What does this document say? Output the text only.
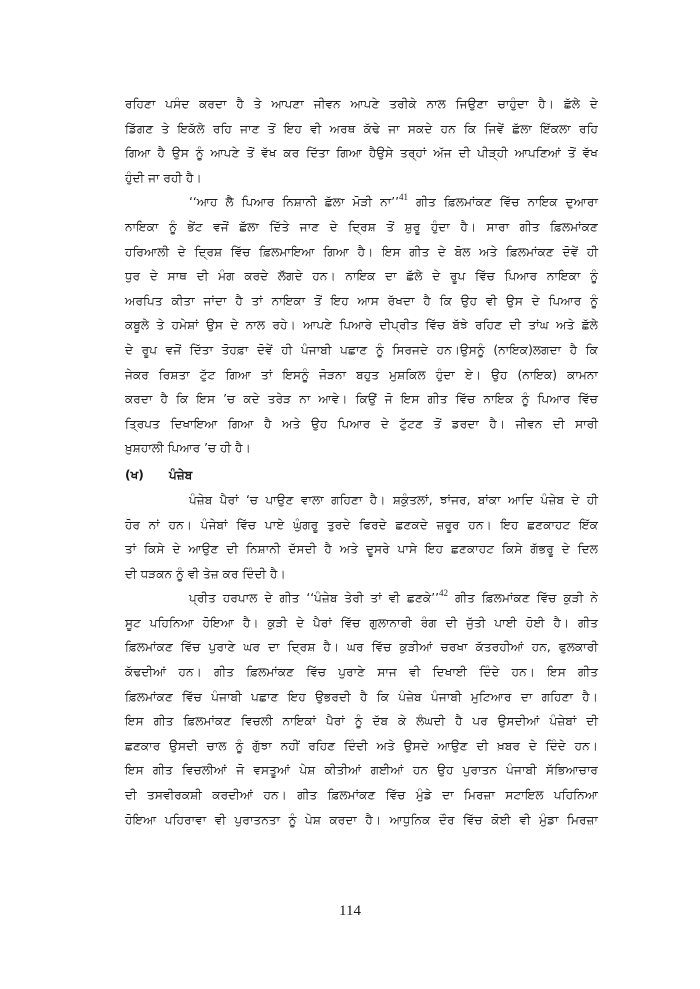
ਰਹਿਣਾ ਪਸੰਦ ਕਰਦਾ ਹੈ ਤੇ ਆਪਣਾ ਜੀਵਨ ਆਪਣੇ ਤਰੀਕੇ ਨਾਲ ਜਿਉਣਾ ਚਾਹੁੰਦਾ ਹੈ। ਛੱਲੇ ਦੇ
ਡਿੱਗਣ ਤੇ ਇਕੱਲੇ ਰਹਿ ਜਾਣ ਤੋਂ ਇਹ ਵੀ ਅਰਥ ਕੱਢੇ ਜਾ ਸਕਦੇ ਹਨ ਕਿ ਜਿਵੇਂ ਛੱਲਾ ਇੱਕਲਾ ਰਹਿ
ਗਿਆ ਹੈ ਉਸ ਨੂੰ ਆਪਣੇ ਤੋਂ ਵੱਖ ਕਰ ਦਿੱਤਾ ਗਿਆ ਹੈਉਸੇ ਤਰ੍ਹਾਂ ਅੱਜ ਦੀ ਪੀੜ੍ਹੀ ਆਪਣਿਆਂ ਤੋਂ ਵੱਖ
ਹੁੰਦੀ ਜਾ ਰਹੀ ਹੈ।
‘‘ਆਹ ਲੈ ਪਿਆਰ ਨਿਸ਼ਾਨੀ ਛੱਲਾ ਮੋੜੀ ਨਾ’’$^{41}$ ਗੀਤ ਫ਼ਿਲਮਾਂਕਣ ਵਿੱਚ ਨਾਇਕ ਦੁਆਰਾ
ਨਾਇਕਾ ਨੂੰ ਭੇਂਟ ਵਜੋਂ ਛੱਲਾ ਦਿੱਤੇ ਜਾਣ ਦੇ ਦ੍ਰਿਸ਼ ਤੋਂ ਸ਼ੁਰੂ ਹੁੰਦਾ ਹੈ। ਸਾਰਾ ਗੀਤ ਫ਼ਿਲਮਾਂਕਣ
ਹਰਿਆਲੀ ਦੇ ਦ੍ਰਿਸ਼ ਵਿੱਚ ਫ਼ਿਲਮਾਇਆ ਗਿਆ ਹੈ। ਇਸ ਗੀਤ ਦੇ ਬੋਲ ਅਤੇ ਫ਼ਿਲਮਾਂਕਣ ਦੋਵੇਂ ਹੀ
ਧੁਰ ਦੇ ਸਾਥ ਦੀ ਮੰਗ ਕਰਦੇ ਲੱਗਦੇ ਹਨ। ਨਾਇਕ ਦਾ ਛੱਲੇ ਦੇ ਰੂਪ ਵਿੱਚ ਪਿਆਰ ਨਾਇਕਾ ਨੂੰ
ਅਰਪਿਤ ਕੀਤਾ ਜਾਂਦਾ ਹੈ ਤਾਂ ਨਾਇਕਾ ਤੋਂ ਇਹ ਆਸ ਰੱਖਦਾ ਹੈ ਕਿ ਉਹ ਵੀ ਉਸ ਦੇ ਪਿਆਰ ਨੂੰ
ਕਬੂਲੇ ਤੇ ਹਮੇਸ਼ਾਂ ਉਸ ਦੇ ਨਾਲ ਰਹੇ। ਆਪਣੇ ਪਿਆਰੇ ਦੀਪ੍ਰੀਤ ਵਿੱਚ ਬੱਝੇ ਰਹਿਣ ਦੀ ਤਾਂਘ ਅਤੇ ਛੱਲੇ
ਦੇ ਰੂਪ ਵਜੋਂ ਦਿੱਤਾ ਤੋਹਫ਼ਾ ਦੋਵੇਂ ਹੀ ਪੰਜਾਬੀ ਪਛਾਣ ਨੂੰ ਸਿਰਜਦੇ ਹਨ।ਉਸਨੂੰ (ਨਾਇਕ)ਲਗਦਾ ਹੈ ਕਿ
ਜੇਕਰ ਰਿਸ਼ਤਾ ਟੁੱਟ ਗਿਆ ਤਾਂ ਇਸਨੂੰ ਜੋੜਨਾ ਬਹੁਤ ਮੁਸ਼ਕਿਲ ਹੁੰਦਾ ਏ। ਉਹ (ਨਾਇਕ) ਕਾਮਨਾ
ਕਰਦਾ ਹੈ ਕਿ ਇਸ ’ਚ ਕਦੇ ਤਰੇੜ ਨਾ ਆਵੇ। ਕਿਉਂ ਜੋ ਇਸ ਗੀਤ ਵਿੱਚ ਨਾਇਕ ਨੂੰ ਪਿਆਰ ਵਿੱਚ
ਤ੍ਰਿਪਤ ਦਿਖਾਇਆ ਗਿਆ ਹੈ ਅਤੇ ਉਹ ਪਿਆਰ ਦੇ ਟੁੱਟਣ ਤੋਂ ਡਰਦਾ ਹੈ। ਜੀਵਨ ਦੀ ਸਾਰੀ
ਖ਼ੁਸ਼ਹਾਲੀ ਪਿਆਰ ’ਚ ਹੀ ਹੈ।
(ਖ)	ਪੰਜ਼ੇਬ
ਪੰਜ਼ੇਬ ਪੈਰਾਂ ‘ਚ ਪਾਉਣ ਵਾਲਾ ਗਹਿਣਾ ਹੈ। ਸ਼ਕੁੰਤਲਾਂ, ਝਾਂਜਰ, ਬਾਂਕਾ ਆਦਿ ਪੰਜ਼ੇਬ ਦੇ ਹੀ
ਹੋਰ ਨਾਂ ਹਨ। ਪੰਜੇਬਾਂ ਵਿੱਚ ਪਾਏ ਘੁੰਗਰੂ ਤੁਰਦੇ ਫਿਰਦੇ ਛਣਕਦੇ ਜ਼ਰੂਰ ਹਨ। ਇਹ ਛਣਕਾਹਟ ਇੱਕ
ਤਾਂ ਕਿਸੇ ਦੇ ਆਉਣ ਦੀ ਨਿਸ਼ਾਨੀ ਦੱਸਦੀ ਹੈ ਅਤੇ ਦੂਸਰੇ ਪਾਸੇ ਇਹ ਛਣਕਾਹਟ ਕਿਸੇ ਗੱਭਰੂ ਦੇ ਦਿਲ
ਦੀ ਧੜਕਨ ਨੂੰ ਵੀ ਤੇਜ਼ ਕਰ ਦਿੰਦੀ ਹੈ।
ਪ੍ਰੀਤ ਹਰਪਾਲ ਦੇ ਗੀਤ ‘‘ਪੰਜ਼ੇਬ ਤੇਰੀ ਤਾਂ ਵੀ ਛਣਕੇ’’$^{42}$ ਗੀਤ ਫ਼ਿਲਮਾਂਕਣ ਵਿੱਚ ਕੁੜੀ ਨੇ
ਸੂਟ ਪਹਿਨਿਆ ਹੋਇਆ ਹੈ। ਕੁੜੀ ਦੇ ਪੈਰਾਂ ਵਿੱਚ ਗੁਲਾਨਾਰੀ ਰੰਗ ਦੀ ਜੁੱਤੀ ਪਾਈ ਹੋਈ ਹੈ। ਗੀਤ
ਫ਼ਿਲਮਾਂਕਣ ਵਿੱਚ ਪੁਰਾਣੇ ਘਰ ਦਾ ਦ੍ਰਿਸ਼ ਹੈ। ਘਰ ਵਿੱਚ ਕੁੜੀਆਂ ਚਰਖਾ ਕੱਤਰਹੀਆਂ ਹਨ, ਫੁਲਕਾਰੀ
ਕੱਢਦੀਆਂ ਹਨ। ਗੀਤ ਫ਼ਿਲਮਾਂਕਣ ਵਿੱਚ ਪੁਰਾਣੇ ਸਾਜ ਵੀ ਦਿਖਾਈ ਦਿੰਦੇ ਹਨ। ਇਸ ਗੀਤ
ਫ਼ਿਲਮਾਂਕਣ ਵਿੱਚ ਪੰਜਾਬੀ ਪਛਾਣ ਇਹ ਉਭਰਦੀ ਹੈ ਕਿ ਪੰਜ਼ੇਬ ਪੰਜਾਬੀ ਮੁਟਿਆਰ ਦਾ ਗਹਿਣਾ ਹੈ।
ਇਸ ਗੀਤ ਫ਼ਿਲਮਾਂਕਣ ਵਿਚਲੀ ਨਾਇਕਾਂ ਪੈਰਾਂ ਨੂੰ ਦੱਬ ਕੇ ਲੰਘਦੀ ਹੈ ਪਰ ਉਸਦੀਆਂ ਪੰਜ਼ੇਬਾਂ ਦੀ
ਛਣਕਾਰ ਉਸਦੀ ਚਾਲ ਨੂੰ ਗੁੱਝਾ ਨਹੀਂ ਰਹਿਣ ਦਿੰਦੀ ਅਤੇ ਉਸਦੇ ਆਉਣ ਦੀ ਖ਼ਬਰ ਦੇ ਦਿੰਦੇ ਹਨ।
ਇਸ ਗੀਤ ਵਿਚਲੀਆਂ ਜੋ ਵਸਤੂਆਂ ਪੇਸ਼ ਕੀਤੀਆਂ ਗਈਆਂ ਹਨ ਉਹ ਪੁਰਾਤਨ ਪੰਜਾਬੀ ਸੱਭਿਆਚਾਰ
ਦੀ ਤਸਵੀਰਕਸ਼ੀ ਕਰਦੀਆਂ ਹਨ। ਗੀਤ ਫ਼ਿਲਮਾਂਕਣ ਵਿੱਚ ਮੁੰਡੇ ਦਾ ਮਿਰਜ਼ਾ ਸਟਾਇਲ ਪਹਿਨਿਆ
ਹੋਇਆ ਪਹਿਰਾਵਾ ਵੀ ਪੁਰਾਤਨਤਾ ਨੂੰ ਪੇਸ਼ ਕਰਦਾ ਹੈ। ਆਧੁਨਿਕ ਦੌਰ ਵਿੱਚ ਕੋਈ ਵੀ ਮੁੰਡਾ ਮਿਰਜ਼ਾ
114
